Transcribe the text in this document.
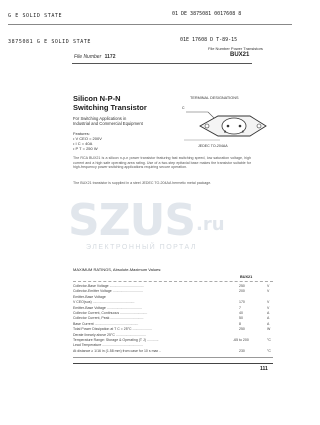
G E SOLID STATE	01 DE 3875081 0017608 8
3875081 G E SOLID STATE	01E 17608 D T-89-15
File Number Power Transistors
File Number 1172	BUX21
Silicon N-P-N
Switching Transistor
For Switching Applications in
Industrial and Commercial Equipment
Features:
• V CEO = 200V
• I C = 40A
• P T = 250 W
TERMINAL DESIGNATIONS
B	E
C
JEDEC TO-204AA
The RCA BUX21 is a silicon n-p-n power transistor featuring fast switching speed, low saturation voltage, high current and a high safe operating area rating. Use of a two-step epitaxial base makes the transistor suitable for high-frequency power switching applications requiring secure operation.
The BUX21 transistor is supplied in a steel JEDEC TO-204AA hermetic metal package.
SZUS .ru
ЭЛЕКТРОННЫЙ ПОРТАЛ
MAXIMUM RATINGS, Absolute-Maximum Values:
BUX21
Collector-Base Voltage ...................................	250	V
Collector-Emitter Voltage ...............................	200	V
Emitter-Base Voltage
V CEO(sus) ...........................................	170	V
Emitter-Base Voltage ....................................	7	V
Collector Current, Continuous ............................	40	A
Collector Current, Peak ..................................	50	A
Base Current .............................................	8	A
Total Power Dissipation at T C = 25°C ....................	250	W
Derate linearly above 25°C ...............................
Temperature Range: Storage & Operating (T J) ............	-65 to 200	°C
Lead Temperature ..........................................
At distance ≥ 1/16 in (1.58 mm) from case for 10 s max ..	230	°C
111
